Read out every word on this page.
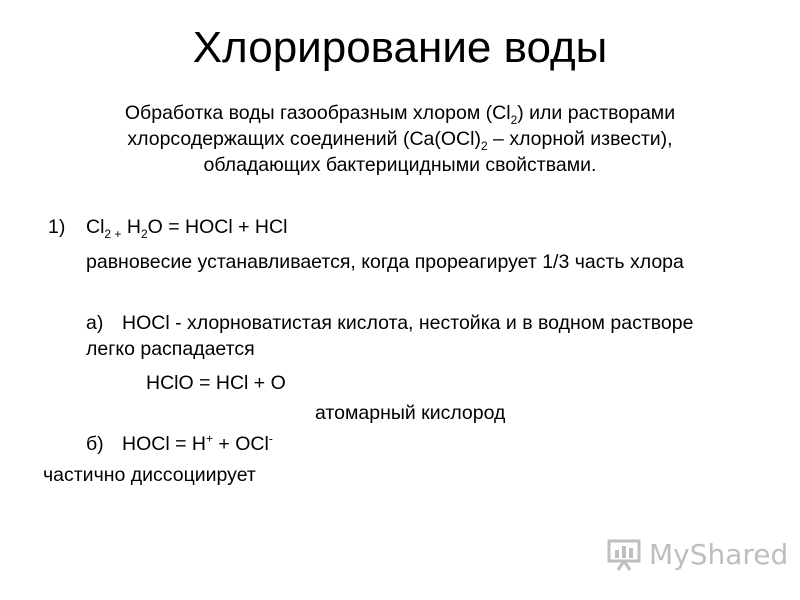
Хлорирование воды
Обработка воды газообразным хлором $(Cl_2)$ или растворами хлорсодержащих соединений ($Ca(OCl)_2$ – хлорной извести), обладающих бактерицидными свойствами.
1) $Cl_{2 +}$ $H_2O$ = HOCl + HCl
равновесие устанавливается, когда прореагирует 1/3 часть хлора
а) HOCl - хлорноватистая кислота, нестойка и в водном растворе легко распадается
HClO = HCl + O
атомарный кислород
б) HOCl = H+ + OCl-
частично диссоциирует
MyShared
